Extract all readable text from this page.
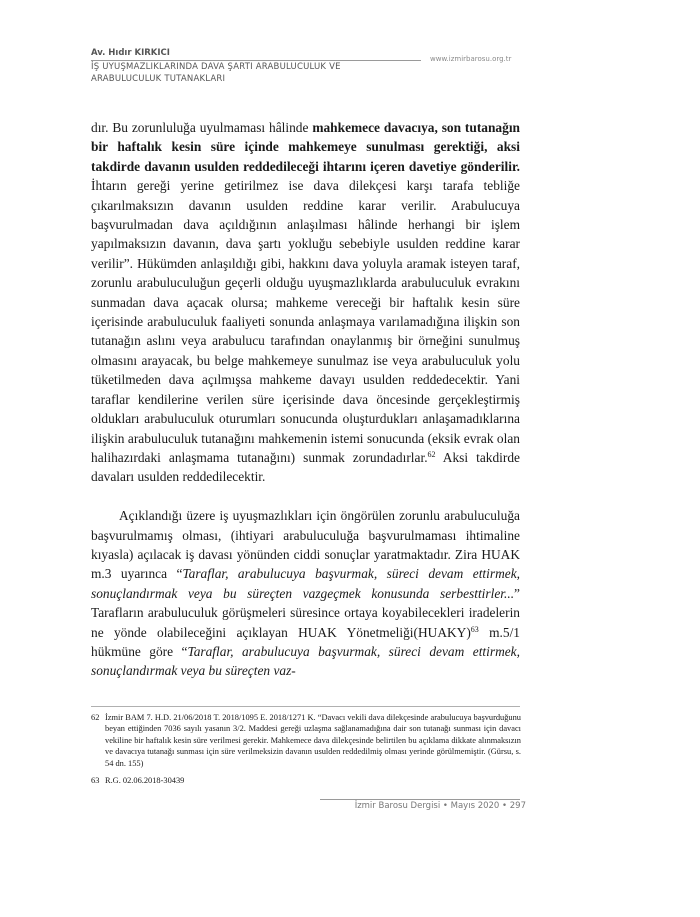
Av. Hıdır KIRKICI
İŞ UYUŞMAZLIKLARINDA DAVA ŞARTI ARABULUCULUK VE
ARABULUCULUK TUTANAKLARI
www.izmirbarosu.org.tr

dır. Bu zorunluluğa uyulmaması hâlinde mahkemece davacıya, son tutanağın bir haftalık kesin süre içinde mahkemeye sunulması gerektiği, aksi takdirde davanın usulden reddedileceği ihtarını içeren davetiye gönderilir. İhtarın gereği yerine getirilmez ise dava dilekçesi karşı tarafa tebliğe çıkarılmaksızın davanın usulden reddine karar verilir. Arabulucuya başvurulmadan dava açıldığının anlaşılması hâlinde herhangi bir işlem yapılmaksızın davanın, dava şartı yokluğu sebebiyle usulden reddine karar verilir”. Hükümden anlaşıldığı gibi, hakkını dava yoluyla aramak isteyen taraf, zorunlu arabuluculuğun geçerli olduğu uyuşmazlıklarda arabuluculuk evrakını sunmadan dava açacak olursa; mahkeme vereceği bir haftalık kesin süre içerisinde arabuluculuk faaliyeti sonunda anlaşmaya varılamadığına ilişkin son tutanağın aslını veya arabulucu tarafından onaylanmış bir örneğini sunulmuş olmasını arayacak, bu belge mahkemeye sunulmaz ise veya arabuluculuk yolu tüketilmeden dava açılmışsa mahkeme davayı usulden reddedecektir. Yani taraflar kendilerine verilen süre içerisinde dava öncesinde gerçekleştirmiş oldukları arabuluculuk oturumları sonucunda oluşturdukları anlaşamadıklarına ilişkin arabuluculuk tutanağını mahkemenin istemi sonucunda (eksik evrak olan halihazırdaki anlaşmama tutanağını) sunmak zorundadırlar.$^{62}$ Aksi takdirde davaları usulden reddedilecektir.

Açıklandığı üzere iş uyuşmazlıkları için öngörülen zorunlu arabuluculuğa başvurulmamış olması, (ihtiyari arabuluculuğa başvurulmaması ihtimaline kıyasla) açılacak iş davası yönünden ciddi sonuçlar yaratmaktadır. Zira HUAK m.3 uyarınca “Taraflar, arabulucuya başvurmak, süreci devam ettirmek, sonuçlandırmak veya bu süreçten vazgeçmek konusunda serbesttirler...” Tarafların arabuluculuk görüşmeleri süresince ortaya koyabilecekleri iradelerin ne yönde olabileceğini açıklayan HUAK Yönetmeliği(HUAKY)$^{63}$ m.5/1 hükmüne göre “Taraflar, arabulucuya başvurmak, süreci devam ettirmek, sonuçlandırmak veya bu süreçten vaz-

62 İzmir BAM 7. H.D. 21/06/2018 T. 2018/1095 E. 2018/1271 K. “Davacı vekili dava dilekçesinde arabulucuya başvurduğunu beyan ettiğinden 7036 sayılı yasanın 3/2. Maddesi gereği uzlaşma sağlanamadığına dair son tutanağı sunması için davacı vekiline bir haftalık kesin süre verilmesi gerekir. Mahkemece dava dilekçesinde belirtilen bu açıklama dikkate alınmaksızın ve davacıya tutanağı sunması için süre verilmeksizin davanın usulden reddedilmiş olması yerinde görülmemiştir. (Gürsu, s. 54 dn. 155)
63 R.G. 02.06.2018-30439
İzmir Barosu Dergisi • Mayıs 2020 • 297
